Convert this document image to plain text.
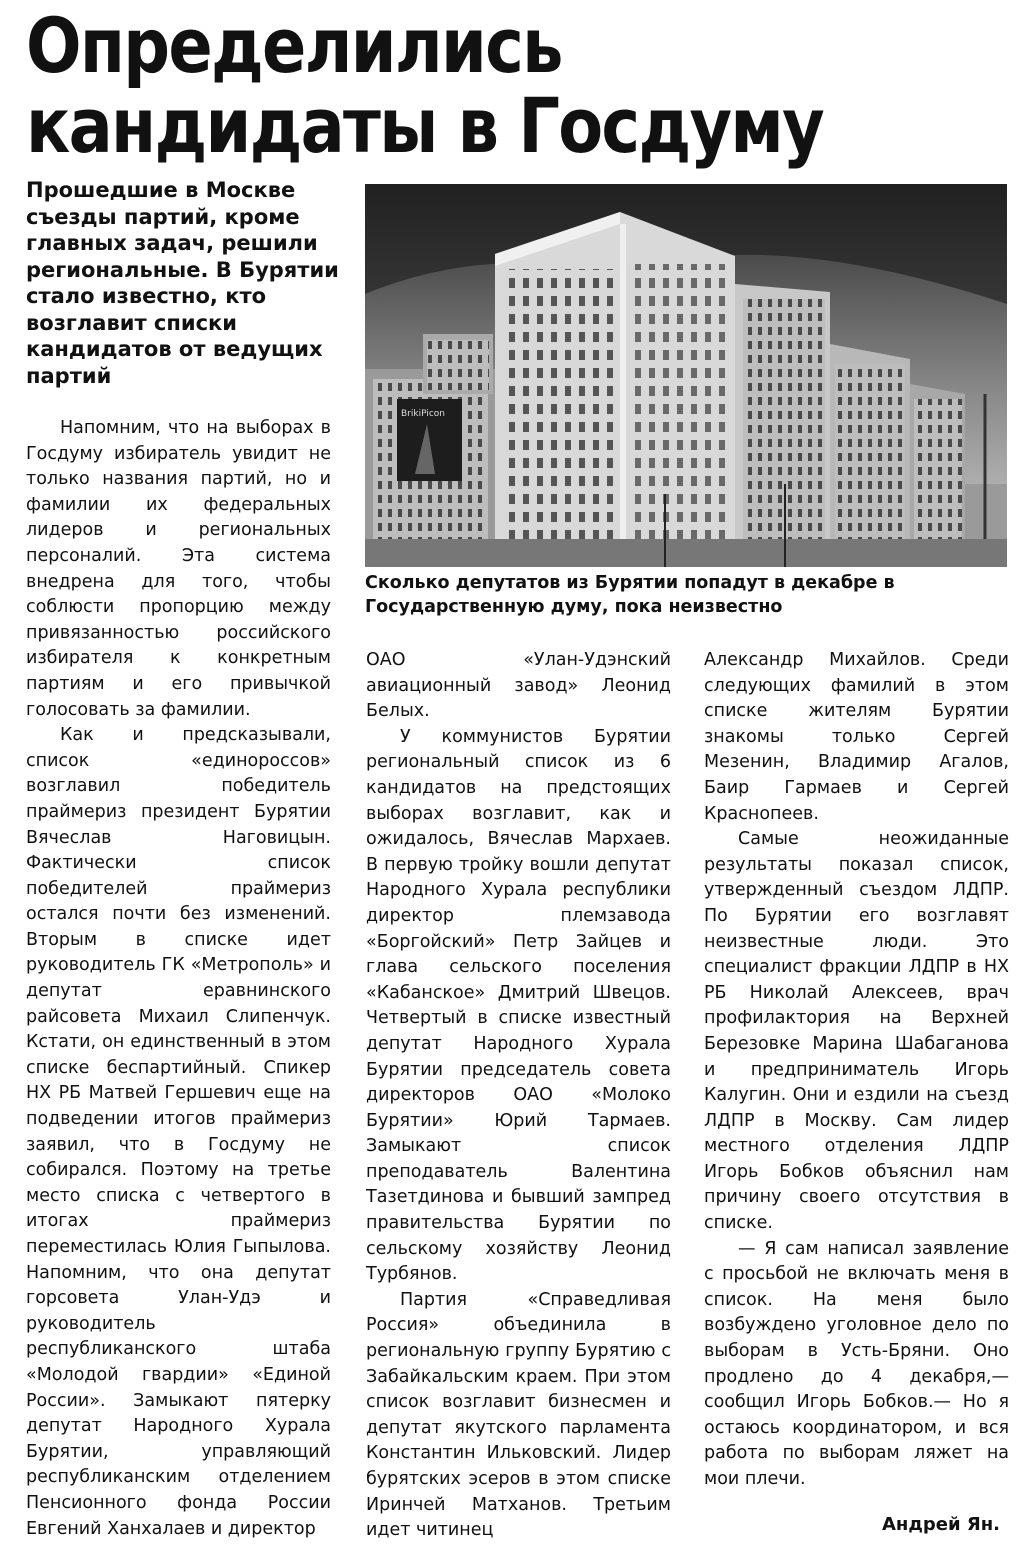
Определились кандидаты в Госдуму

Прошедшие в Москве съезды партий, кроме главных задач, решили региональные. В Бурятии стало известно, кто возглавит списки кандидатов от ведущих партий

BrikiPicon

Сколько депутатов из Бурятии попадут в декабре в Государственную думу, пока неизвестно

Напомним, что на выборах в Госдуму избиратель увидит не только названия партий, но и фамилии их федеральных лидеров и региональных персоналий. Эта система внедрена для того, чтобы соблюсти пропорцию между привязанностью российского избирателя к конкретным партиям и его привычкой голосовать за фамилии.

Как и предсказывали, список «единороссов» возглавил победитель праймериз президент Бурятии Вячеслав Наговицын. Фактически список победителей праймериз остался почти без изменений. Вторым в списке идет руководитель ГК «Метрополь» и депутат еравнинского райсовета Михаил Слипенчук. Кстати, он единственный в этом списке беспартийный. Спикер НХ РБ Матвей Гершевич еще на подведении итогов праймериз заявил, что в Госдуму не собирался. Поэтому на третье место списка с четвертого в итогах праймериз переместилась Юлия Гыпылова. Напомним, что она депутат горсовета Улан-Удэ и руководитель республиканского штаба «Молодой гвардии» «Единой России». Замыкают пятерку депутат Народного Хурала Бурятии, управляющий республиканским отделением Пенсионного фонда России Евгений Ханхалаев и директор

ОАО «Улан-Удэнский авиационный завод» Леонид Белых.

У коммунистов Бурятии региональный список из 6 кандидатов на предстоящих выборах возглавит, как и ожидалось, Вячеслав Мархаев. В первую тройку вошли депутат Народного Хурала республики директор племзавода «Боргойский» Петр Зайцев и глава сельского поселения «Кабанское» Дмитрий Швецов. Четвертый в списке известный депутат Народного Хурала Бурятии председатель совета директоров ОАО «Молоко Бурятии» Юрий Тармаев. Замыкают список преподаватель Валентина Тазетдинова и бывший зампред правительства Бурятии по сельскому хозяйству Леонид Турбянов.

Партия «Справедливая Россия» объединила в региональную группу Бурятию с Забайкальским краем. При этом список возглавит бизнесмен и депутат якутского парламента Константин Ильковский. Лидер бурятских эсеров в этом списке Иринчей Матханов. Третьим идет читинец

Александр Михайлов. Среди следующих фамилий в этом списке жителям Бурятии знакомы только Сергей Мезенин, Владимир Агалов, Баир Гармаев и Сергей Краснопеев.

Самые неожиданные результаты показал список, утвержденный съездом ЛДПР. По Бурятии его возглавят неизвестные люди. Это специалист фракции ЛДПР в НХ РБ Николай Алексеев, врач профилактория на Верхней Березовке Марина Шабаганова и предприниматель Игорь Калугин. Они и ездили на съезд ЛДПР в Москву. Сам лидер местного отделения ЛДПР Игорь Бобков объяснил нам причину своего отсутствия в списке.

— Я сам написал заявление с просьбой не включать меня в список. На меня было возбуждено уголовное дело по выборам в Усть-Бряни. Оно продлено до 4 декабря,— сообщил Игорь Бобков.— Но я остаюсь координатором, и вся работа по выборам ляжет на мои плечи.

Андрей Ян.
